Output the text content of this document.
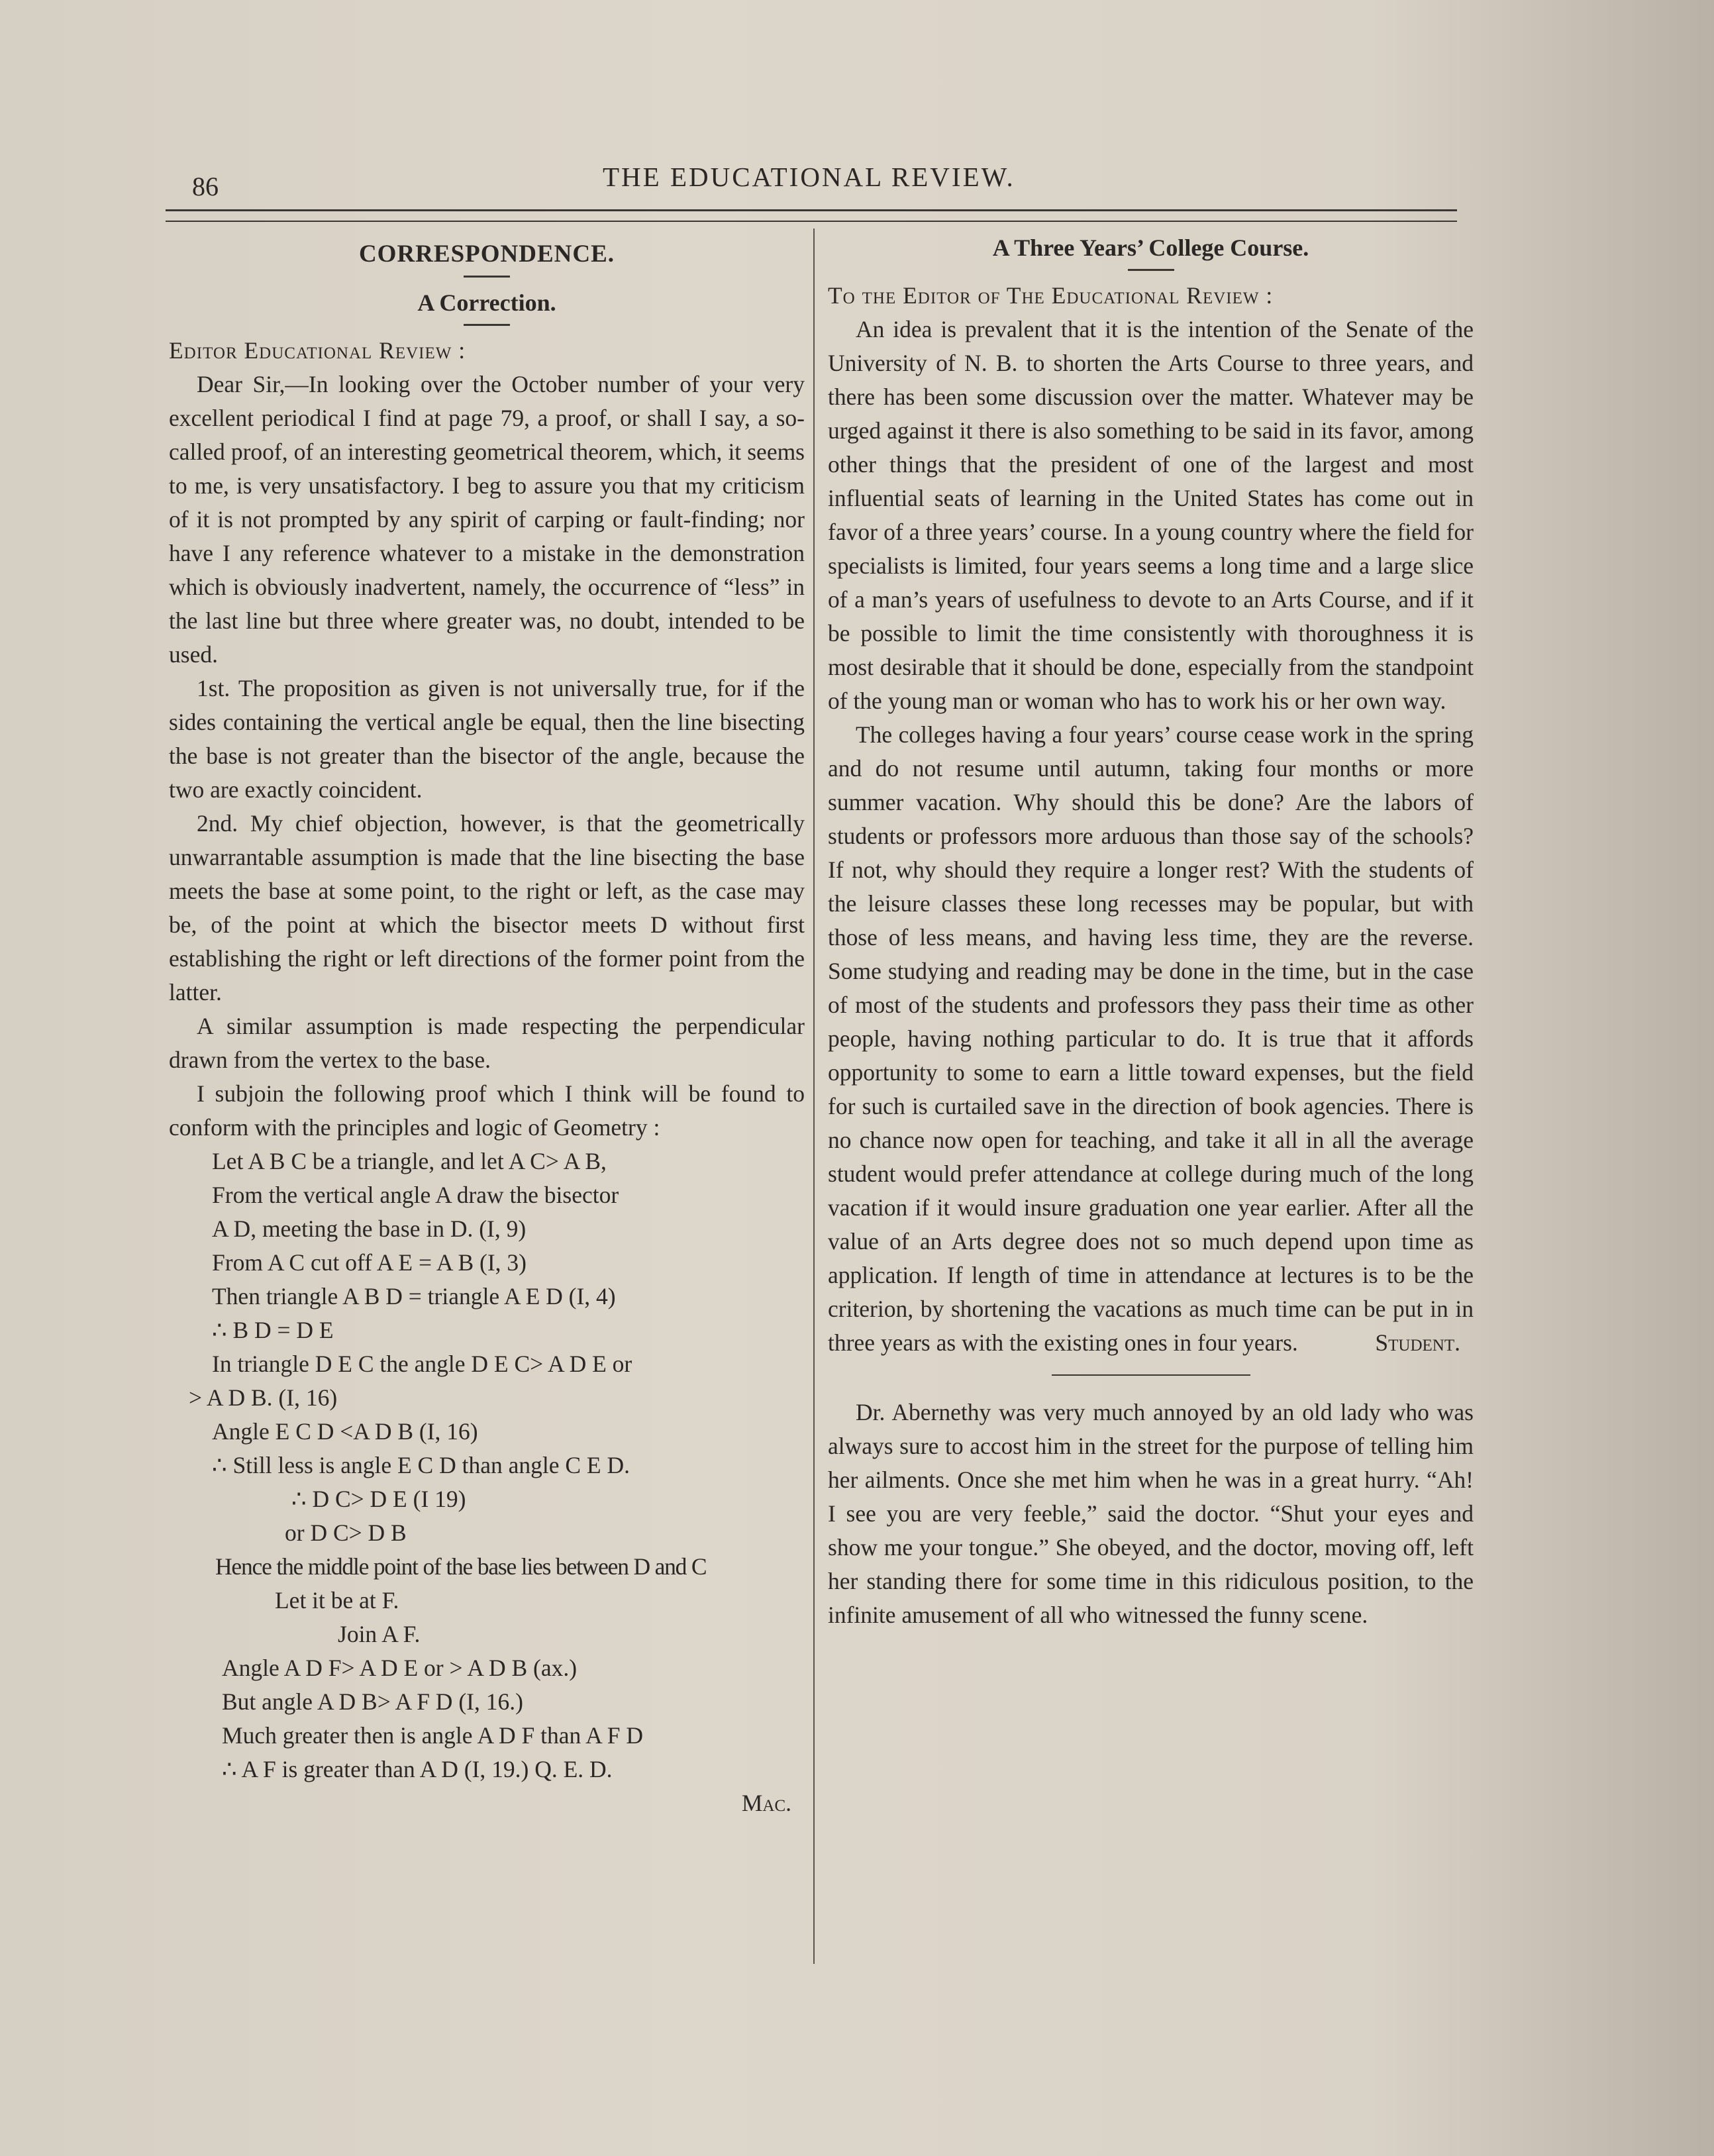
86	THE EDUCATIONAL REVIEW.
CORRESPONDENCE.
A Correction.

Editor Educational Review :

Dear Sir,—In looking over the October number of your very excellent periodical I find at page 79, a proof, or shall I say, a so-called proof, of an interesting geometrical theorem, which, it seems to me, is very unsatisfactory. I beg to assure you that my criticism of it is not prompted by any spirit of carping or fault-finding; nor have I any reference whatever to a mistake in the demonstration which is obviously inadvertent, namely, the occurrence of “less” in the last line but three where greater was, no doubt, intended to be used.

1st. The proposition as given is not universally true, for if the sides containing the vertical angle be equal, then the line bisecting the base is not greater than the bisector of the angle, because the two are exactly coincident.

2nd. My chief objection, however, is that the geometrically unwarrantable assumption is made that the line bisecting the base meets the base at some point, to the right or left, as the case may be, of the point at which the bisector meets D without first establishing the right or left directions of the former point from the latter.

A similar assumption is made respecting the perpendicular drawn from the vertex to the base.

I subjoin the following proof which I think will be found to conform with the principles and logic of Geometry :

Let A B C be a triangle, and let A C> A B,

From the vertical angle A draw the bisector

A D, meeting the base in D. (I, 9)

From A C cut off A E = A B (I, 3)

Then triangle A B D = triangle A E D (I, 4)

∴ B D = D E

In triangle D E C the angle D E C> A D E or

> A D B. (I, 16)

Angle E C D <A D B (I, 16)

∴ Still less is angle E C D than angle C E D.

∴ D C> D E (I 19)

or D C> D B

Hence the middle point of the base lies between D and C

Let it be at F.

Join A F.

Angle A D F> A D E or > A D B (ax.)

But angle A D B> A F D (I, 16.)

Much greater then is angle A D F than A F D

∴ A F is greater than A D (I, 19.) Q. E. D.

Mac.

A Three Years’ College Course.

To the Editor of The Educational Review :

An idea is prevalent that it is the intention of the Senate of the University of N. B. to shorten the Arts Course to three years, and there has been some discussion over the matter. Whatever may be urged against it there is also something to be said in its favor, among other things that the president of one of the largest and most influential seats of learning in the United States has come out in favor of a three years’ course. In a young country where the field for specialists is limited, four years seems a long time and a large slice of a man’s years of usefulness to devote to an Arts Course, and if it be possible to limit the time consistently with thoroughness it is most desirable that it should be done, especially from the standpoint of the young man or woman who has to work his or her own way.

The colleges having a four years’ course cease work in the spring and do not resume until autumn, taking four months or more summer vacation. Why should this be done? Are the labors of students or professors more arduous than those say of the schools? If not, why should they require a longer rest? With the students of the leisure classes these long recesses may be popular, but with those of less means, and having less time, they are the reverse. Some studying and reading may be done in the time, but in the case of most of the students and professors they pass their time as other people, having nothing particular to do. It is true that it affords opportunity to some to earn a little toward expenses, but the field for such is curtailed save in the direction of book agencies. There is no chance now open for teaching, and take it all in all the average student would prefer attendance at college during much of the long vacation if it would insure graduation one year earlier. After all the value of an Arts degree does not so much depend upon time as application. If length of time in attendance at lectures is to be the criterion, by shortening the vacations as much time can be put in in three years as with the existing ones in four years.	Student.

Dr. Abernethy was very much annoyed by an old lady who was always sure to accost him in the street for the purpose of telling him her ailments. Once she met him when he was in a great hurry. “Ah! I see you are very feeble,” said the doctor. “Shut your eyes and show me your tongue.” She obeyed, and the doctor, moving off, left her standing there for some time in this ridiculous position, to the infinite amusement of all who witnessed the funny scene.
